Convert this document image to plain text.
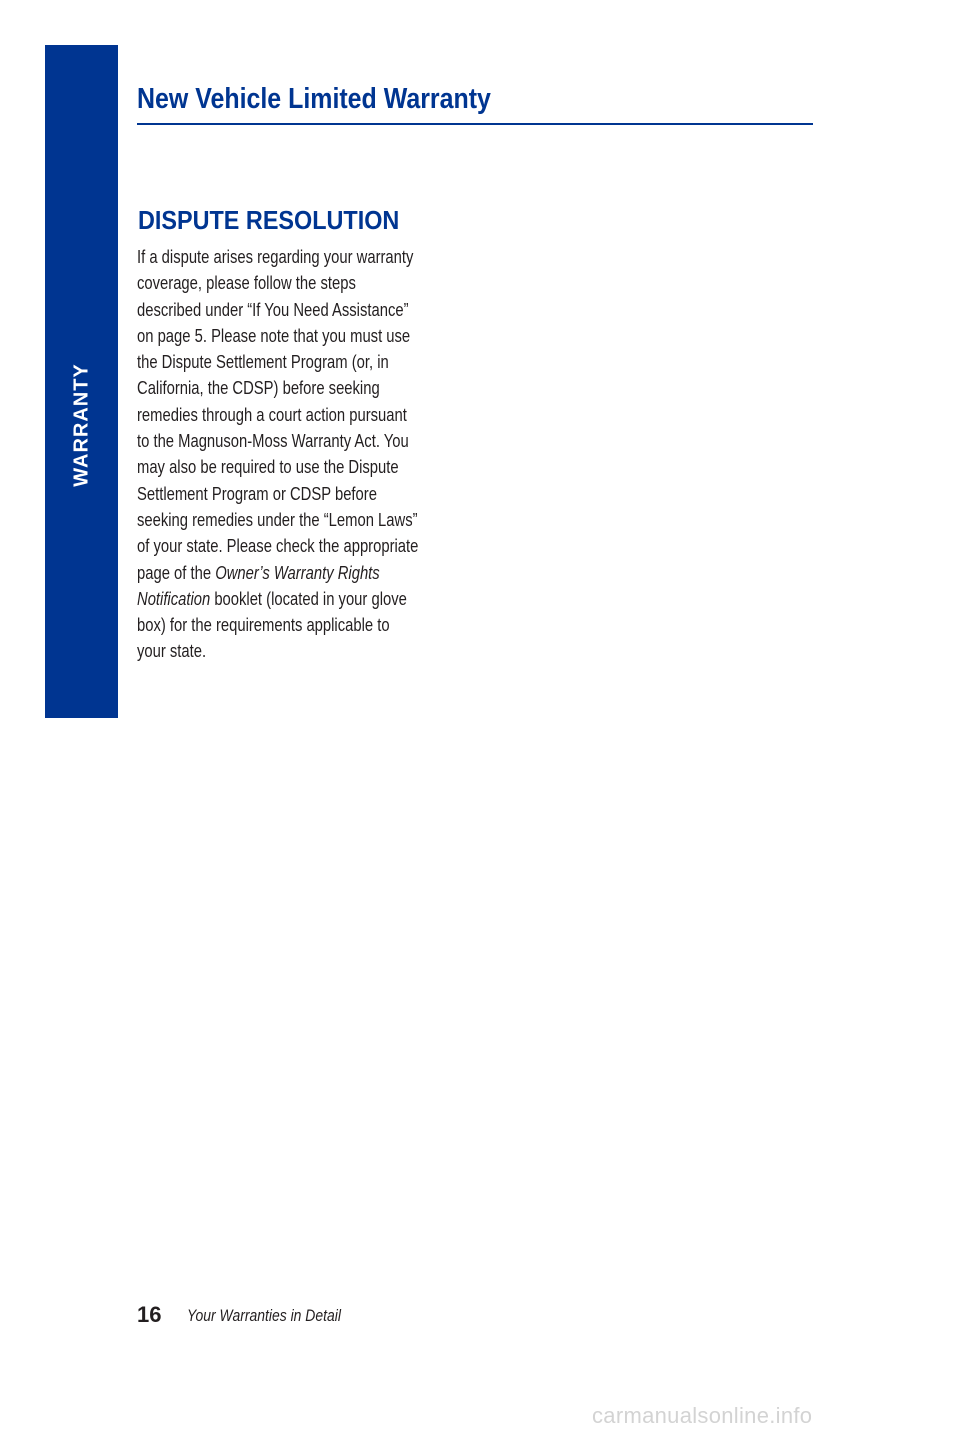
WARRANTY
New Vehicle Limited Warranty
DISPUTE RESOLUTION

If a dispute arises regarding your warranty
coverage, please follow the steps
described under “If You Need Assistance”
on page 5. Please note that you must use
the Dispute Settlement Program (or, in
California, the CDSP) before seeking
remedies through a court action pursuant
to the Magnuson-Moss Warranty Act. You
may also be required to use the Dispute
Settlement Program or CDSP before
seeking remedies under the “Lemon Laws”
of your state. Please check the appropriate
page of the Owner’s Warranty Rights
Notification booklet (located in your glove
box) for the requirements applicable to
your state.

16 Your Warranties in Detail
carmanualsonline.info
